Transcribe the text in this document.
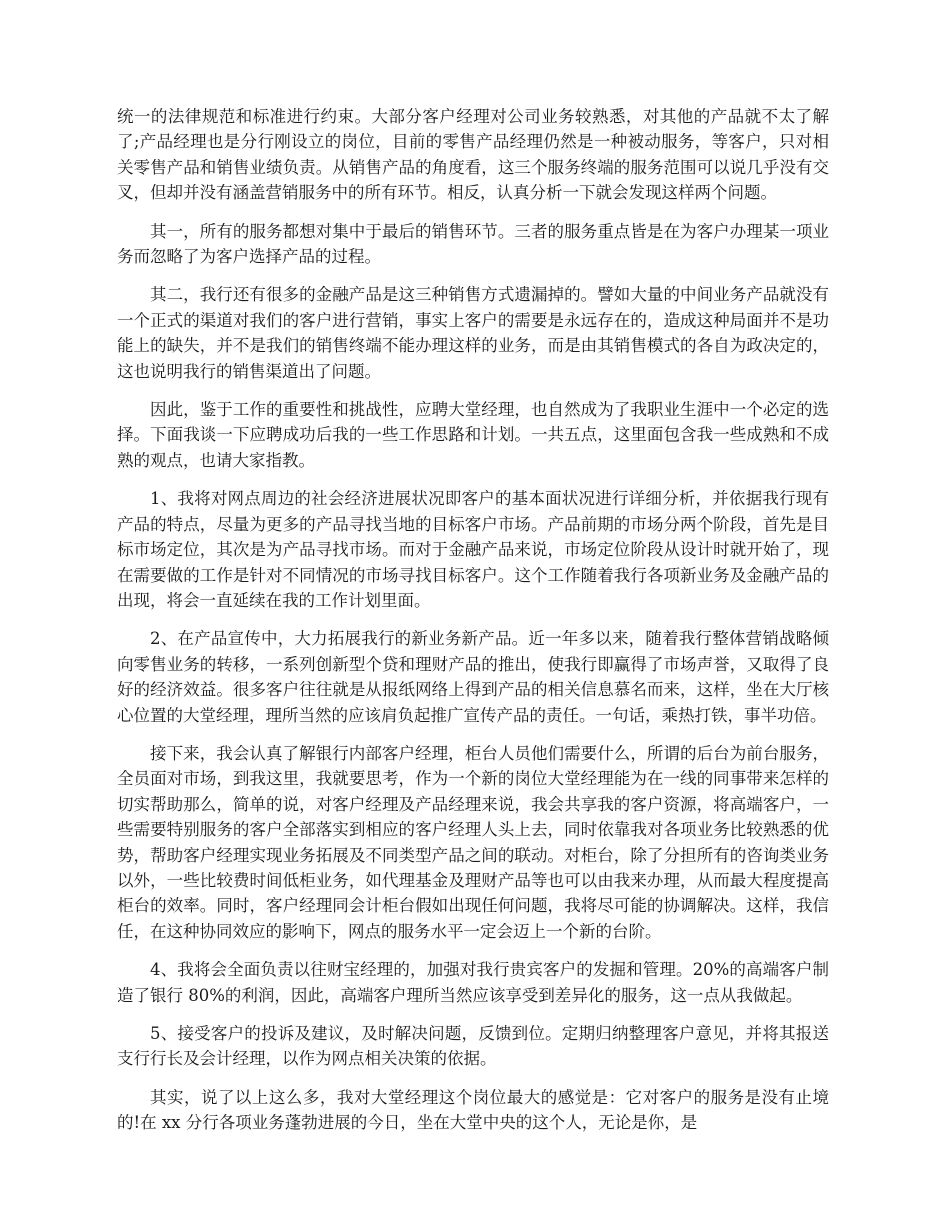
统一的法律规范和标准进行约束。大部分客户经理对公司业务较熟悉，对其他的产品就不太了解了;产品经理也是分行刚设立的岗位，目前的零售产品经理仍然是一种被动服务，等客户，只对相关零售产品和销售业绩负责。从销售产品的角度看，这三个服务终端的服务范围可以说几乎没有交叉，但却并没有涵盖营销服务中的所有环节。相反，认真分析一下就会发现这样两个问题。

其一，所有的服务都想对集中于最后的销售环节。三者的服务重点皆是在为客户办理某一项业务而忽略了为客户选择产品的过程。

其二，我行还有很多的金融产品是这三种销售方式遗漏掉的。譬如大量的中间业务产品就没有一个正式的渠道对我们的客户进行营销，事实上客户的需要是永远存在的，造成这种局面并不是功能上的缺失，并不是我们的销售终端不能办理这样的业务，而是由其销售模式的各自为政决定的，这也说明我行的销售渠道出了问题。

因此，鉴于工作的重要性和挑战性，应聘大堂经理，也自然成为了我职业生涯中一个必定的选择。下面我谈一下应聘成功后我的一些工作思路和计划。一共五点，这里面包含我一些成熟和不成熟的观点，也请大家指教。

1、我将对网点周边的社会经济进展状况即客户的基本面状况进行详细分析，并依据我行现有产品的特点，尽量为更多的产品寻找当地的目标客户市场。产品前期的市场分两个阶段，首先是目标市场定位，其次是为产品寻找市场。而对于金融产品来说，市场定位阶段从设计时就开始了，现在需要做的工作是针对不同情况的市场寻找目标客户。这个工作随着我行各项新业务及金融产品的出现，将会一直延续在我的工作计划里面。

2、在产品宣传中，大力拓展我行的新业务新产品。近一年多以来，随着我行整体营销战略倾向零售业务的转移，一系列创新型个贷和理财产品的推出，使我行即赢得了市场声誉，又取得了良好的经济效益。很多客户往往就是从报纸网络上得到产品的相关信息慕名而来，这样，坐在大厅核心位置的大堂经理，理所当然的应该肩负起推广宣传产品的责任。一句话，乘热打铁，事半功倍。

接下来，我会认真了解银行内部客户经理，柜台人员他们需要什么，所谓的后台为前台服务，全员面对市场，到我这里，我就要思考，作为一个新的岗位大堂经理能为在一线的同事带来怎样的切实帮助那么，简单的说，对客户经理及产品经理来说，我会共享我的客户资源，将高端客户，一些需要特别服务的客户全部落实到相应的客户经理人头上去，同时依靠我对各项业务比较熟悉的优势，帮助客户经理实现业务拓展及不同类型产品之间的联动。对柜台，除了分担所有的咨询类业务以外，一些比较费时间低柜业务，如代理基金及理财产品等也可以由我来办理，从而最大程度提高柜台的效率。同时，客户经理同会计柜台假如出现任何问题，我将尽可能的协调解决。这样，我信任，在这种协同效应的影响下，网点的服务水平一定会迈上一个新的台阶。

4、我将会全面负责以往财宝经理的，加强对我行贵宾客户的发掘和管理。20%的高端客户制造了银行 80%的利润，因此，高端客户理所当然应该享受到差异化的服务，这一点从我做起。

5、接受客户的投诉及建议，及时解决问题，反馈到位。定期归纳整理客户意见，并将其报送支行行长及会计经理，以作为网点相关决策的依据。

其实，说了以上这么多，我对大堂经理这个岗位最大的感觉是：它对客户的服务是没有止境的!在 xx 分行各项业务蓬勃进展的今日，坐在大堂中央的这个人，无论是你，是
